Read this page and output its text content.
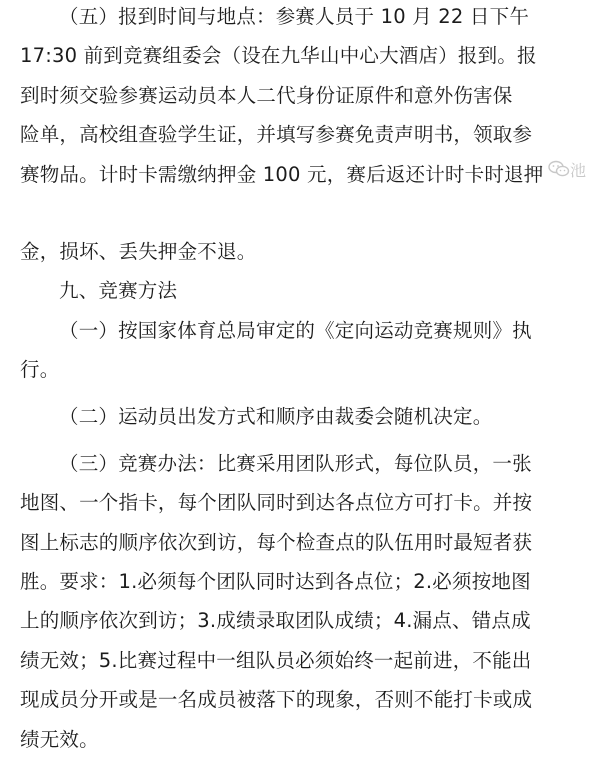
（五）报到时间与地点：参赛人员于 10 月 22 日下午
17:30 前到竞赛组委会（设在九华山中心大酒店）报到。报
到时须交验参赛运动员本人二代身份证原件和意外伤害保
险单，高校组查验学生证，并填写参赛免责声明书，领取参
赛物品。计时卡需缴纳押金 100 元，赛后返还计时卡时退押
金，损坏、丢失押金不退。
九、竞赛方法
（一）按国家体育总局审定的《定向运动竞赛规则》执
行。
（二）运动员出发方式和顺序由裁委会随机决定。
（三）竞赛办法：比赛采用团队形式，每位队员，一张
地图、一个指卡，每个团队同时到达各点位方可打卡。并按
图上标志的顺序依次到访，每个检查点的队伍用时最短者获
胜。要求：1.必须每个团队同时达到各点位；2.必须按地图
上的顺序依次到访；3.成绩录取团队成绩；4.漏点、错点成
绩无效；5.比赛过程中一组队员必须始终一起前进，不能出
现成员分开或是一名成员被落下的现象，否则不能打卡或成
绩无效。
池
